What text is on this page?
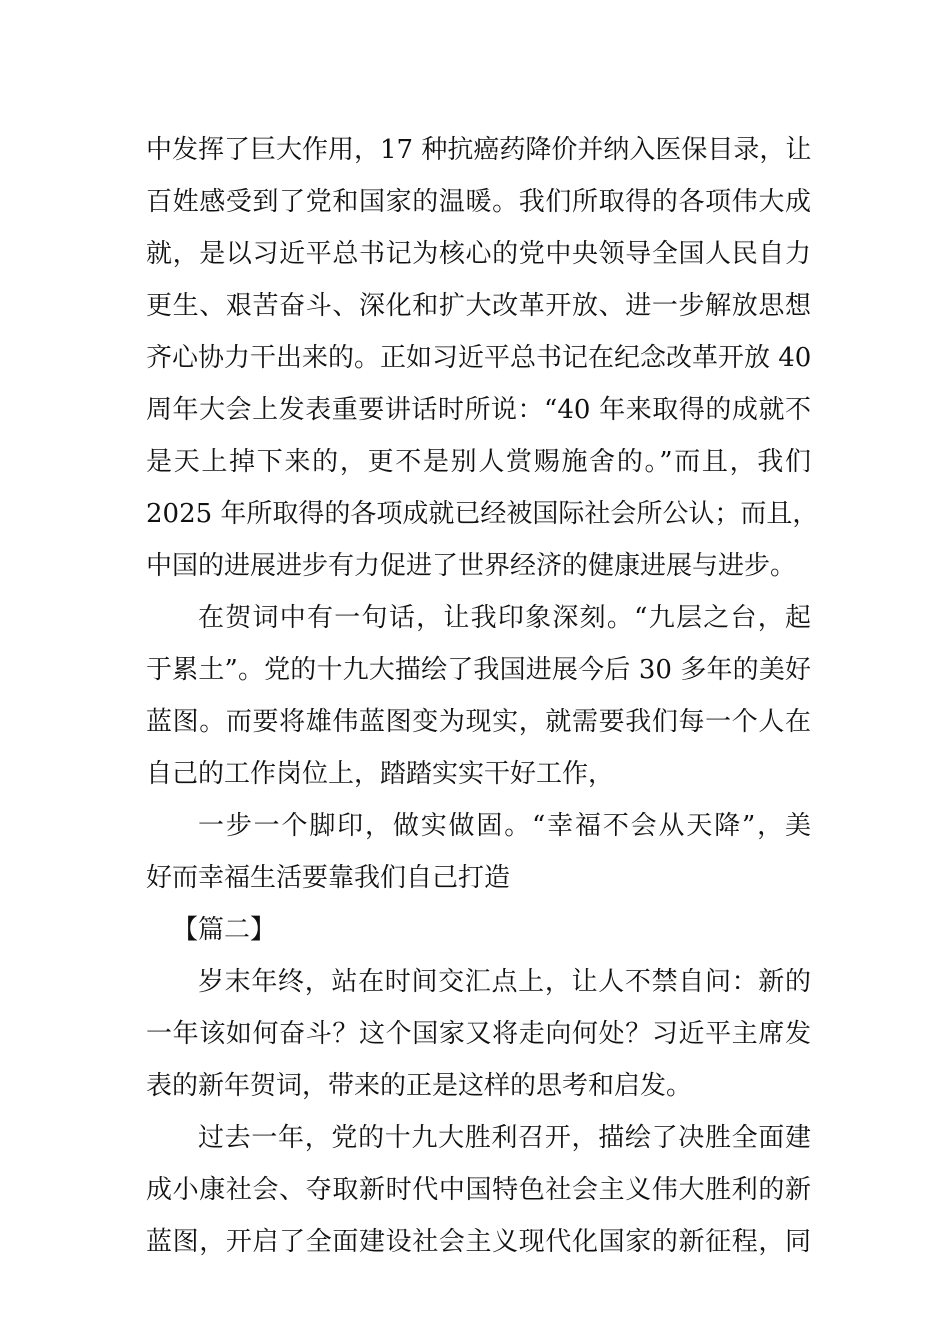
中发挥了巨大作用，17 种抗癌药降价并纳入医保目录，让
百姓感受到了党和国家的温暖。我们所取得的各项伟大成
就，是以习近平总书记为核心的党中央领导全国人民自力
更生、艰苦奋斗、深化和扩大改革开放、进一步解放思想
齐心协力干出来的。正如习近平总书记在纪念改革开放 40
周年大会上发表重要讲话时所说：“40 年来取得的成就不
是天上掉下来的，更不是别人赏赐施舍的。”而且，我们
2025 年所取得的各项成就已经被国际社会所公认；而且，
中国的进展进步有力促进了世界经济的健康进展与进步。
在贺词中有一句话，让我印象深刻。“九层之台，起
于累土”。党的十九大描绘了我国进展今后 30 多年的美好
蓝图。而要将雄伟蓝图变为现实，就需要我们每一个人在
自己的工作岗位上，踏踏实实干好工作，
一步一个脚印，做实做固。“幸福不会从天降”，美
好而幸福生活要靠我们自己打造
【篇二】
岁末年终，站在时间交汇点上，让人不禁自问：新的
一年该如何奋斗？这个国家又将走向何处？习近平主席发
表的新年贺词，带来的正是这样的思考和启发。
过去一年，党的十九大胜利召开，描绘了决胜全面建
成小康社会、夺取新时代中国特色社会主义伟大胜利的新
蓝图，开启了全面建设社会主义现代化国家的新征程，同
